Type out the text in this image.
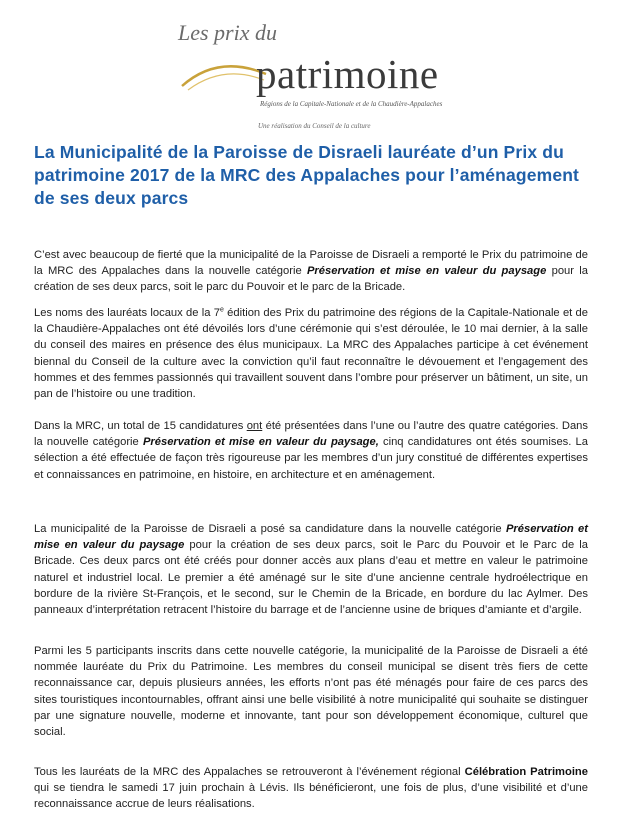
Les prix du
patrimoine
Régions de la Capitale-Nationale et de la Chaudière-Appalaches
Une réalisation du Conseil de la culture
La Municipalité de la Paroisse de Disraeli lauréate d’un Prix du patrimoine 2017 de la MRC des Appalaches pour l’aménagement de ses deux parcs

C’est avec beaucoup de fierté que la municipalité de la Paroisse de Disraeli a remporté le Prix du patrimoine de la MRC des Appalaches dans la nouvelle catégorie Préservation et mise en valeur du paysage pour la création de ses deux parcs, soit le parc du Pouvoir et le parc de la Bricade.

Les noms des lauréats locaux de la 7e édition des Prix du patrimoine des régions de la Capitale-Nationale et de la Chaudière-Appalaches ont été dévoilés lors d’une cérémonie qui s’est déroulée, le 10 mai dernier, à la salle du conseil des maires en présence des élus municipaux. La MRC des Appalaches participe à cet événement biennal du Conseil de la culture avec la conviction qu’il faut reconnaître le dévouement et l’engagement des hommes et des femmes passionnés qui travaillent souvent dans l’ombre pour préserver un bâtiment, un site, un pan de l’histoire ou une tradition.

Dans la MRC, un total de 15 candidatures ont été présentées dans l’une ou l’autre des quatre catégories. Dans la nouvelle catégorie Préservation et mise en valeur du paysage, cinq candidatures ont étés soumises. La sélection a été effectuée de façon très rigoureuse par les membres d’un jury constitué de différentes expertises et connaissances en patrimoine, en histoire, en architecture et en aménagement.

La municipalité de la Paroisse de Disraeli a posé sa candidature dans la nouvelle catégorie Préservation et mise en valeur du paysage pour la création de ses deux parcs, soit le Parc du Pouvoir et le Parc de la Bricade. Ces deux parcs ont été créés pour donner accès aux plans d’eau et mettre en valeur le patrimoine naturel et industriel local. Le premier a été aménagé sur le site d’une ancienne centrale hydroélectrique en bordure de la rivière St-François, et le second, sur le Chemin de la Bricade, en bordure du lac Aylmer. Des panneaux d’interprétation retracent l’histoire du barrage et de l’ancienne usine de briques d’amiante et d’argile.

Parmi les 5 participants inscrits dans cette nouvelle catégorie, la municipalité de la Paroisse de Disraeli a été nommée lauréate du Prix du Patrimoine. Les membres du conseil municipal se disent très fiers de cette reconnaissance car, depuis plusieurs années, les efforts n’ont pas été ménagés pour faire de ces parcs des sites touristiques incontournables, offrant ainsi une belle visibilité à notre municipalité qui souhaite se distinguer par une signature nouvelle, moderne et innovante, tant pour son développement économique, culturel que social.

Tous les lauréats de la MRC des Appalaches se retrouveront à l’événement régional Célébration Patrimoine qui se tiendra le samedi 17 juin prochain à Lévis. Ils bénéficieront, une fois de plus, d’une visibilité et d’une reconnaissance accrue de leurs réalisations.
